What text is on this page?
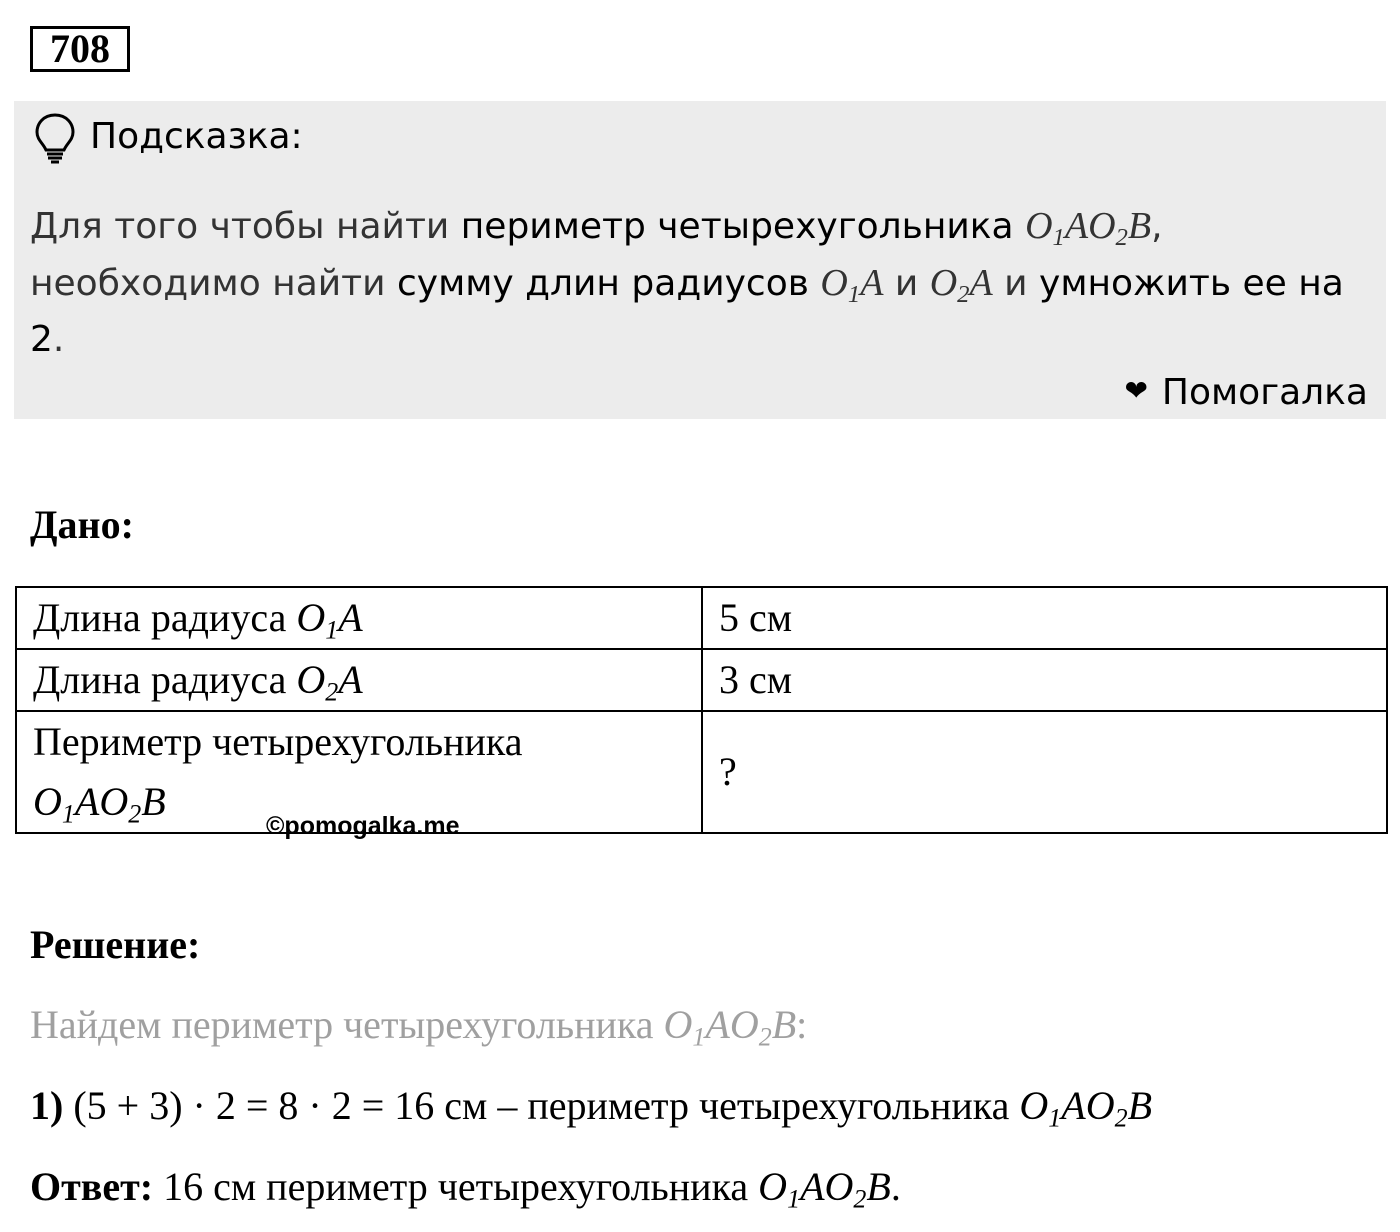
708
Подсказка:
Для того чтобы найти периметр четырехугольника $O_1AO_2B$,
необходимо найти сумму длин радиусов $O_1A$ и $O_2A$ и умножить ее на 2.
❤ Помогалка
Дано:
Длина радиуса $O_1A$	5 см
Длина радиуса $O_2A$	3 см
Периметр четырехугольника
$O_1AO_2B$	?
©pomogalka.me
Решение:
Найдем периметр четырехугольника $O_1AO_2B$:
1) (5 + 3) · 2 = 8 · 2 = 16 см – периметр четырехугольника $O_1AO_2B$
Ответ: 16 см периметр четырехугольника $O_1AO_2B$.
